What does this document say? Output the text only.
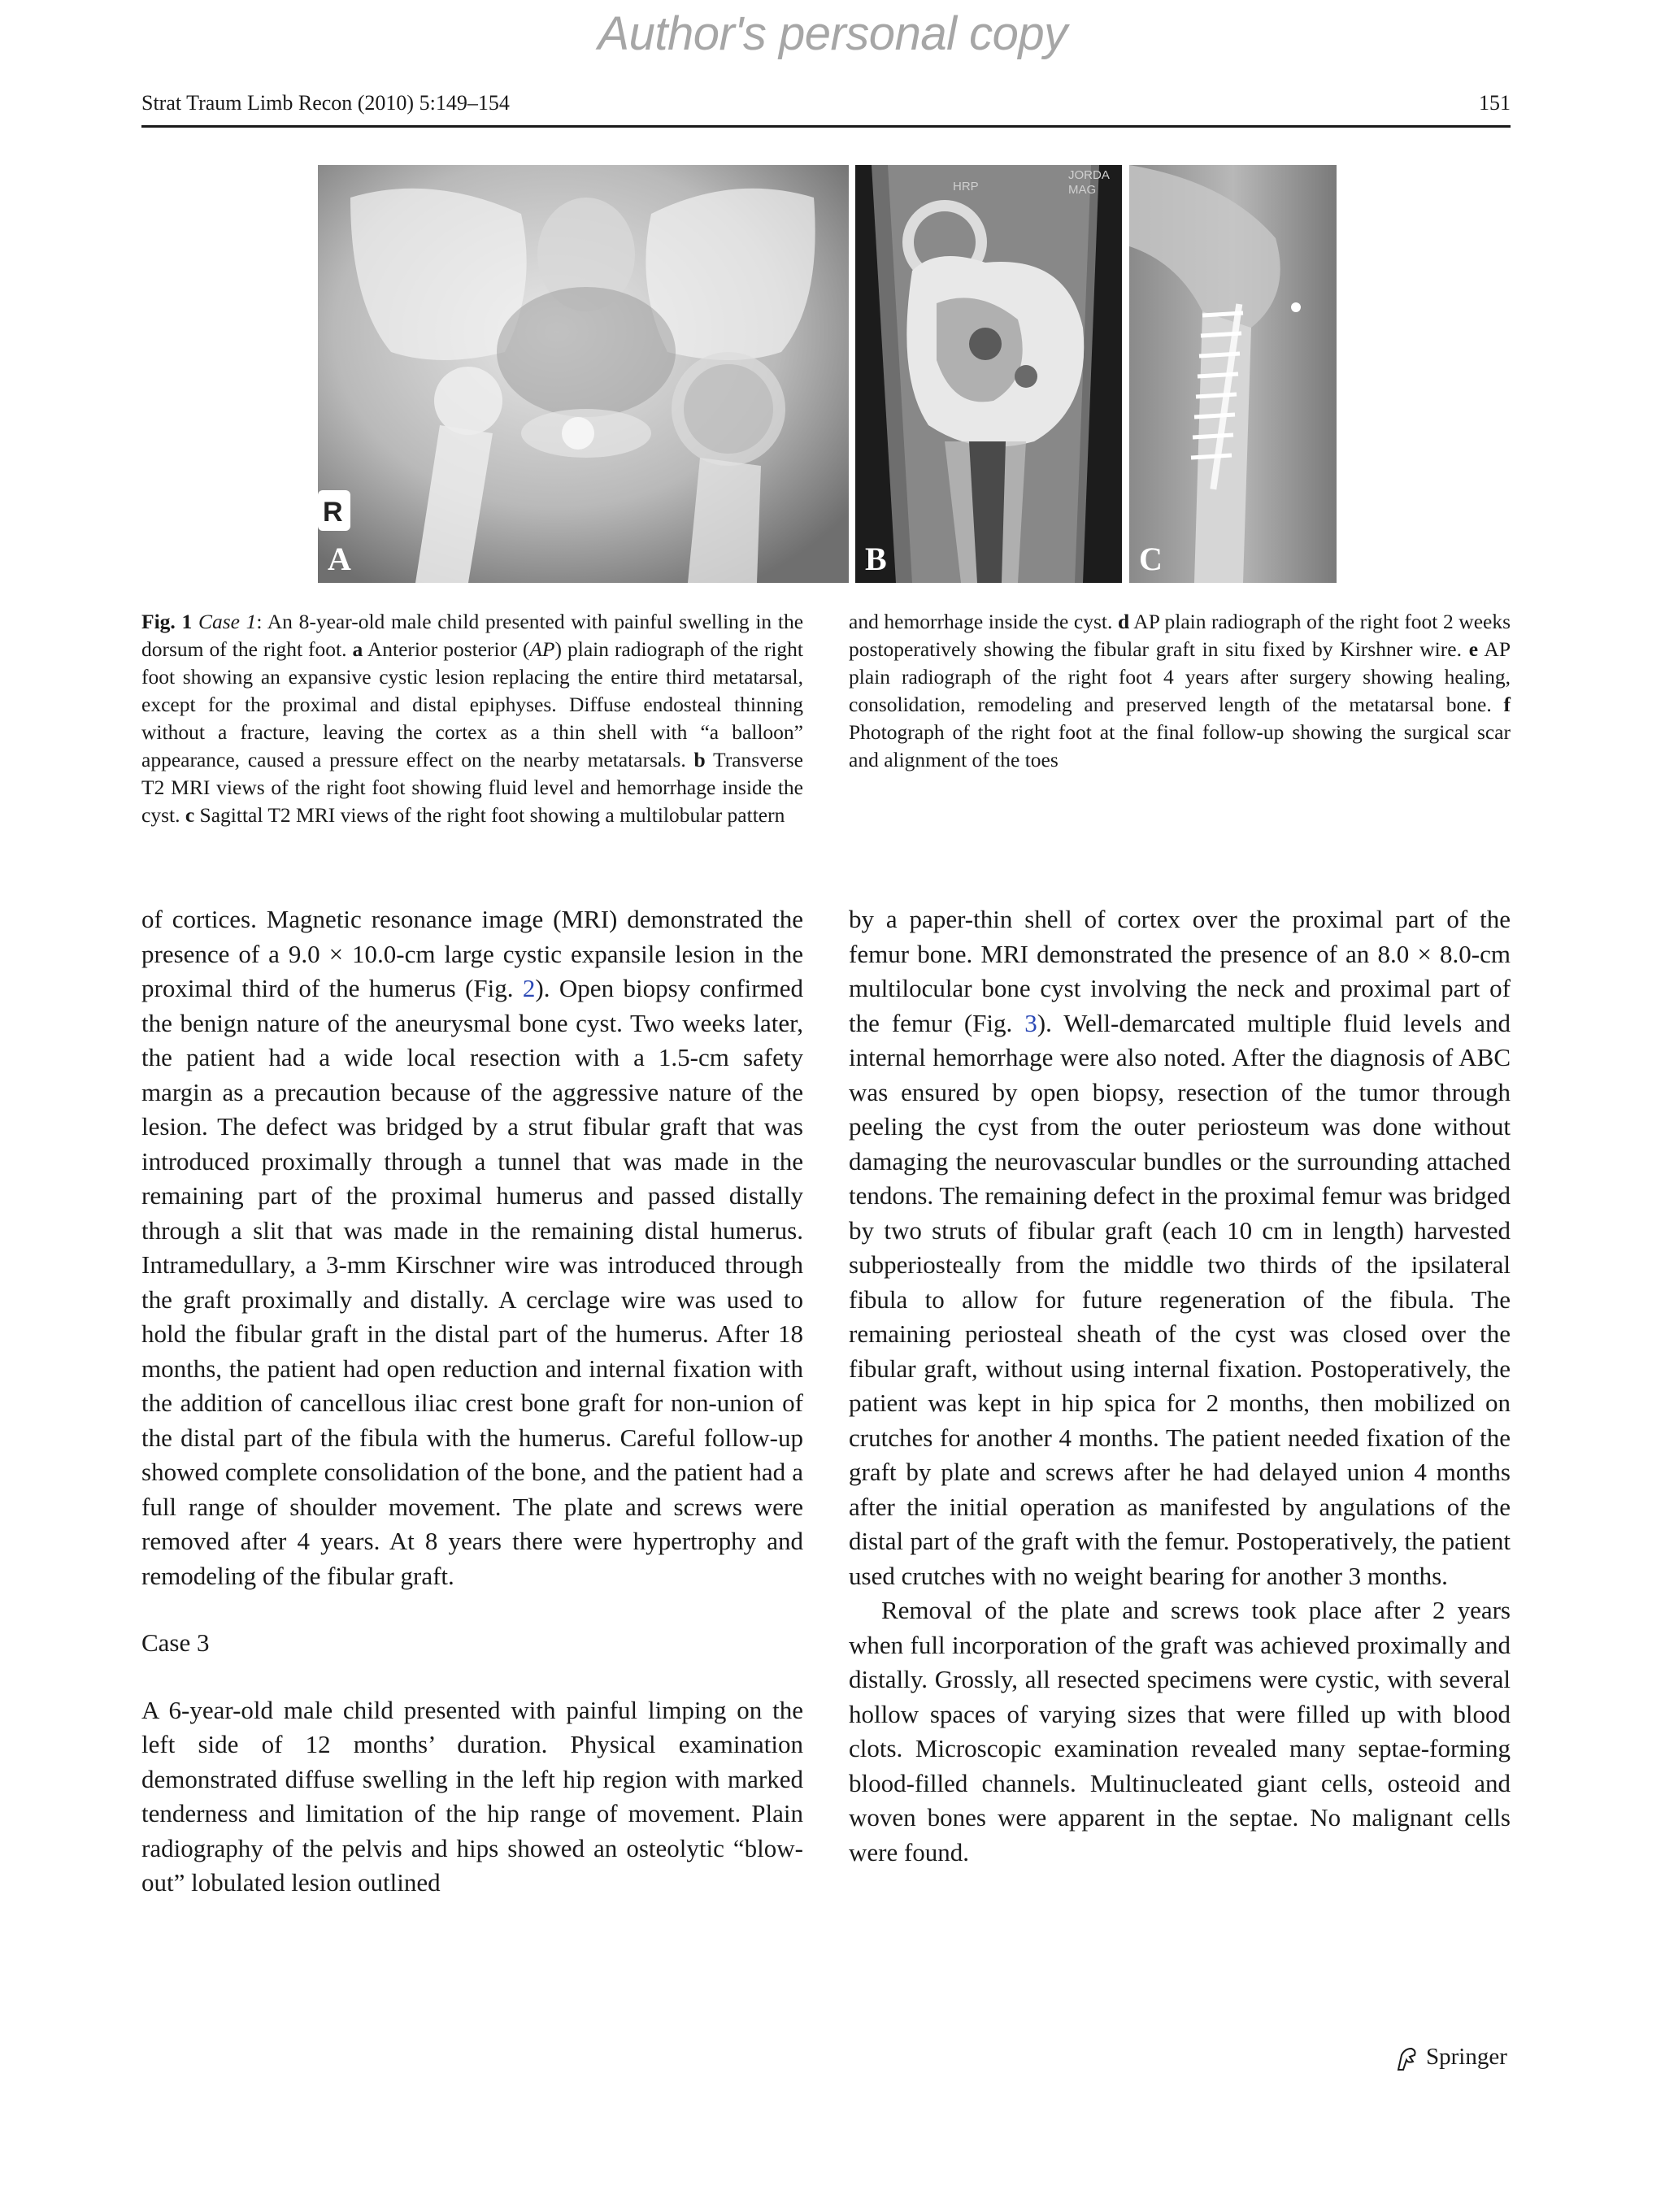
Author's personal copy
Strat Traum Limb Recon (2010) 5:149–154	151
R
A
HRP
JORDA
MAG
B	C
Fig. 1 Case 1: An 8-year-old male child presented with painful swelling in the dorsum of the right foot. a Anterior posterior (AP) plain radiograph of the right foot showing an expansive cystic lesion replacing the entire third metatarsal, except for the proximal and distal epiphyses. Diffuse endosteal thinning without a fracture, leaving the cortex as a thin shell with “a balloon” appearance, caused a pressure effect on the nearby metatarsals. b Transverse T2 MRI views of the right foot showing fluid level and hemorrhage inside the cyst. c Sagittal T2 MRI views of the right foot showing a multilobular pattern

of cortices. Magnetic resonance image (MRI) demonstrated the presence of a 9.0 × 10.0-cm large cystic expansile lesion in the proximal third of the humerus (Fig. 2). Open biopsy confirmed the benign nature of the aneurysmal bone cyst. Two weeks later, the patient had a wide local resection with a 1.5-cm safety margin as a precaution because of the aggressive nature of the lesion. The defect was bridged by a strut fibular graft that was introduced proximally through a tunnel that was made in the remaining part of the proximal humerus and passed distally through a slit that was made in the remaining distal humerus. Intramedullary, a 3-mm Kirschner wire was introduced through the graft proximally and distally. A cerclage wire was used to hold the fibular graft in the distal part of the humerus. After 18 months, the patient had open reduction and internal fixation with the addition of cancellous iliac crest bone graft for non-union of the distal part of the fibula with the humerus. Careful follow-up showed complete consolidation of the bone, and the patient had a full range of shoulder movement. The plate and screws were removed after 4 years. At 8 years there were hypertrophy and remodeling of the fibular graft.

Case 3

A 6-year-old male child presented with painful limping on the left side of 12 months’ duration. Physical examination demonstrated diffuse swelling in the left hip region with marked tenderness and limitation of the hip range of movement. Plain radiography of the pelvis and hips showed an osteolytic “blow-out” lobulated lesion outlined

by a paper-thin shell of cortex over the proximal part of the femur bone. MRI demonstrated the presence of an 8.0 × 8.0-cm multilocular bone cyst involving the neck and proximal part of the femur (Fig. 3). Well-demarcated multiple fluid levels and internal hemorrhage were also noted. After the diagnosis of ABC was ensured by open biopsy, resection of the tumor through peeling the cyst from the outer periosteum was done without damaging the neurovascular bundles or the surrounding attached tendons. The remaining defect in the proximal femur was bridged by two struts of fibular graft (each 10 cm in length) harvested subperiosteally from the middle two thirds of the ipsilateral fibula to allow for future regeneration of the fibula. The remaining periosteal sheath of the cyst was closed over the fibular graft, without using internal fixation. Postoperatively, the patient was kept in hip spica for 2 months, then mobilized on crutches for another 4 months. The patient needed fixation of the graft by plate and screws after he had delayed union 4 months after the initial operation as manifested by angulations of the distal part of the graft with the femur. Postoperatively, the patient used crutches with no weight bearing for another 3 months.

Removal of the plate and screws took place after 2 years when full incorporation of the graft was achieved proximally and distally. Grossly, all resected specimens were cystic, with several hollow spaces of varying sizes that were filled up with blood clots. Microscopic examination revealed many septae-forming blood-filled channels. Multinucleated giant cells, osteoid and woven bones were apparent in the septae. No malignant cells were found.

Springer
and hemorrhage inside the cyst. d AP plain radiograph of the right foot 2 weeks postoperatively showing the fibular graft in situ fixed by Kirshner wire. e AP plain radiograph of the right foot 4 years after surgery showing healing, consolidation, remodeling and preserved length of the metatarsal bone. f Photograph of the right foot at the final follow-up showing the surgical scar and alignment of the toes
